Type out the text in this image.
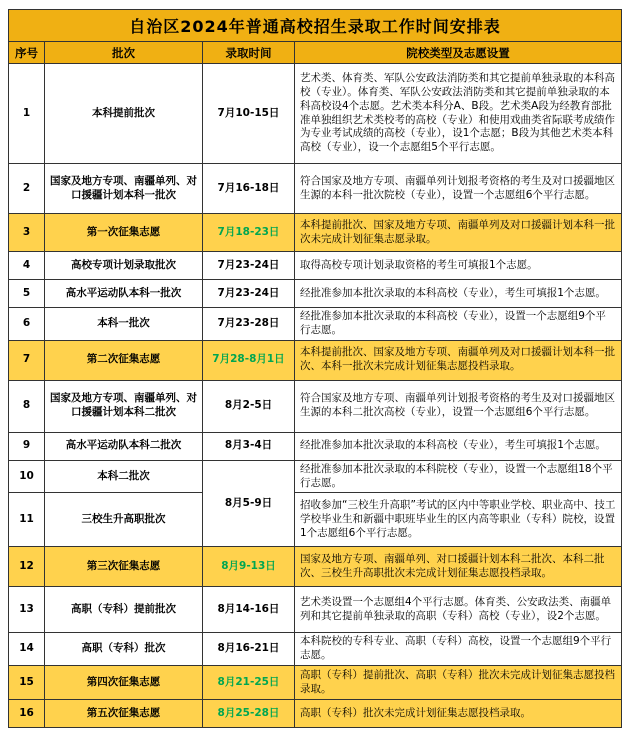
自治区2024年普通高校招生录取工作时间安排表			
序号	批次	录取时间	院校类型及志愿设置
1	本科提前批次	7月10-15日	艺术类、体育类、军队公安政法消防类和其它提前单独录取的本科高校（专业）。体育类、军队公安政法消防类和其它提前单独录取的本科高校设4个志愿。艺术类本科分A、B段。艺术类A段为经教育部批准单独组织艺术类校考的高校（专业）和使用戏曲类省际联考成绩作为专业考试成绩的高校（专业），设1个志愿；B段为其他艺术类本科高校（专业），设一个志愿组5个平行志愿。
2	国家及地方专项、南疆单列、对口援疆计划本科一批次	7月16-18日	符合国家及地方专项、南疆单列计划报考资格的考生及对口援疆地区生源的本科一批次院校（专业），设置一个志愿组6个平行志愿。
3	第一次征集志愿	7月18-23日	本科提前批次、国家及地方专项、南疆单列及对口援疆计划本科一批次未完成计划征集志愿录取。
4	高校专项计划录取批次	7月23-24日	取得高校专项计划录取资格的考生可填报1个志愿。
5	高水平运动队本科一批次	7月23-24日	经批准参加本批次录取的本科高校（专业），考生可填报1个志愿。
6	本科一批次	7月23-28日	经批准参加本批次录取的本科高校（专业），设置一个志愿组9个平行志愿。
7	第二次征集志愿	7月28-8月1日	本科提前批次、国家及地方专项、南疆单列及对口援疆计划本科一批次、本科一批次未完成计划征集志愿投档录取。
8	国家及地方专项、南疆单列、对口援疆计划本科二批次	8月2-5日	符合国家及地方专项、南疆单列计划报考资格的考生及对口援疆地区生源的本科二批次高校（专业），设置一个志愿组6个平行志愿。
9	高水平运动队本科二批次	8月3-4日	经批准参加本批次录取的本科高校（专业），考生可填报1个志愿。
10	本科二批次	8月5-9日	经批准参加本批次录取的本科院校（专业），设置一个志愿组18个平行志愿。
11	三校生升高职批次		招收参加“三校生升高职”考试的区内中等职业学校、职业高中、技工学校毕业生和新疆中职班毕业生的区内高等职业（专科）院校，设置1个志愿组6个平行志愿。
12	第三次征集志愿	8月9-13日	国家及地方专项、南疆单列、对口援疆计划本科二批次、本科二批次、三校生升高职批次未完成计划征集志愿投档录取。
13	高职（专科）提前批次	8月14-16日	艺术类设置一个志愿组4个平行志愿。体育类、公安政法类、南疆单列和其它提前单独录取的高职（专科）高校（专业），设2个志愿。
14	高职（专科）批次	8月16-21日	本科院校的专科专业、高职（专科）高校，设置一个志愿组9个平行志愿。
15	第四次征集志愿	8月21-25日	高职（专科）提前批次、高职（专科）批次未完成计划征集志愿投档录取。
16	第五次征集志愿	8月25-28日	高职（专科）批次未完成计划征集志愿投档录取。
